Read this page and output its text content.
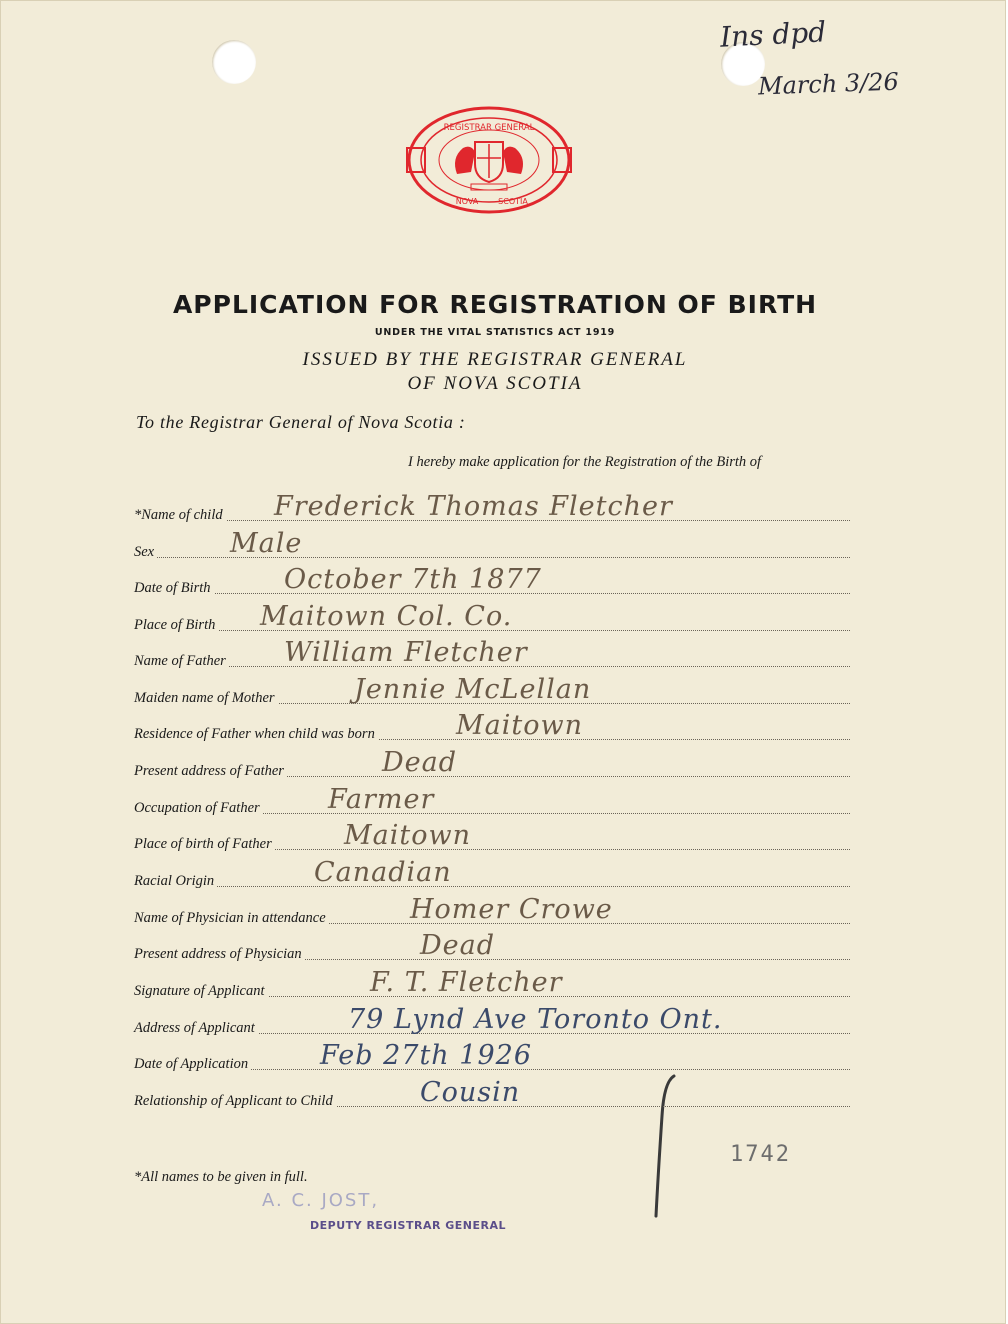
Ins dpd
March 3/26
REGISTRAR GENERAL
NOVA SCOTIA
APPLICATION FOR REGISTRATION OF BIRTH
UNDER THE VITAL STATISTICS ACT 1919
ISSUED BY THE REGISTRAR GENERAL
OF NOVA SCOTIA
To the Registrar General of Nova Scotia :
I hereby make application for the Registration of the Birth of
*Name of child Frederick Thomas Fletcher
Sex	Male
Date of Birth	October 7th 1877
Place of Birth Maitown Col. Co.
Name of Father William Fletcher
Maiden name of Mother	Jennie McLellan
Residence of Father when child was born	Maitown
Present address of Father	Dead
Occupation of Father	Farmer
Place of birth of Father	Maitown
Racial Origin	Canadian
Name of Physician in attendance	Homer Crowe
Present address of Physician	Dead
Signature of Applicant	F. T. Fletcher
Address of Applicant	79 Lynd Ave Toronto Ont.
Date of Application	Feb 27th 1926
Relationship of Applicant to Child	Cousin
1742
*All names to be given in full.
A. C. JOST,
DEPUTY REGISTRAR GENERAL
